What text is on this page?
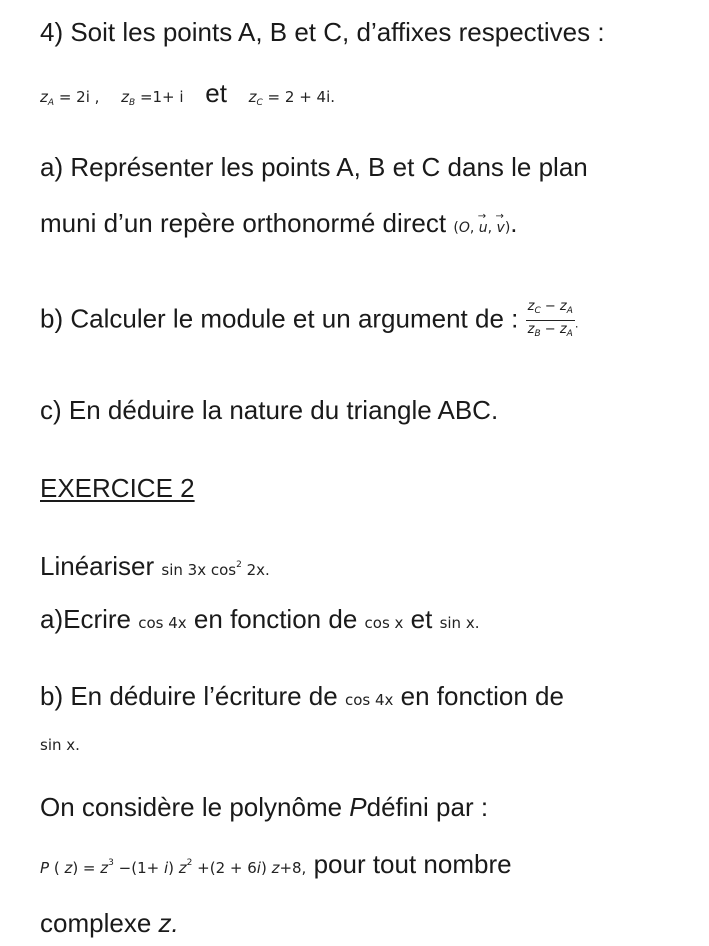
4) Soit les points A, B et C, d’affixes respectives :
$z_A = 2i$ , $z_B =1+ i$ et $z_C = 2 + 4i$.
a) Représenter les points A, B et C dans le plan
muni d’un repère orthonormé direct (O, → u, → v).
b) Calculer le module et un argument de : $\frac{z_C - z_A}{z_B - z_A}$ .
c) En déduire la nature du triangle ABC.
EXERCICE 2
Linéariser sin 3x $\cos^2 2x$.
a)Ecrire cos 4x en fonction de cos x et sin x.
b) En déduire l’écriture de cos 4x en fonction de
sin x.
On considère le polynôme Pdéfini par :
P ( $z) = z^3 -(1+ i)$ $z^2 +(2 + 6i)$ z+8, pour tout nombre
complexe z.
